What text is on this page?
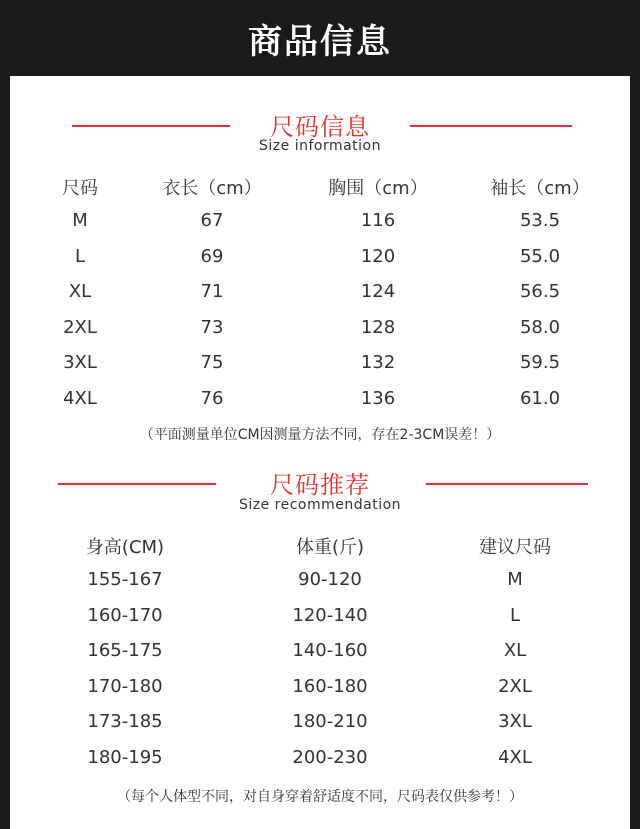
商品信息
尺码信息
Size information
尺码	衣长（cm）	胸围（cm）	袖长（cm）
M	67	116	53.5
L	69	120	55.0
XL	71	124	56.5
2XL	73	128	58.0
3XL	75	132	59.5
4XL	76	136	61.0
（平面测量单位CM因测量方法不同，存在2-3CM误差！）
尺码推荐
Size recommendation
身高(CM)	体重(斤)	建议尺码
155-167	90-120	M
160-170	120-140	L
165-175	140-160	XL
170-180	160-180	2XL
173-185	180-210	3XL
180-195	200-230	4XL
（每个人体型不同，对自身穿着舒适度不同，尺码表仅供参考！）
